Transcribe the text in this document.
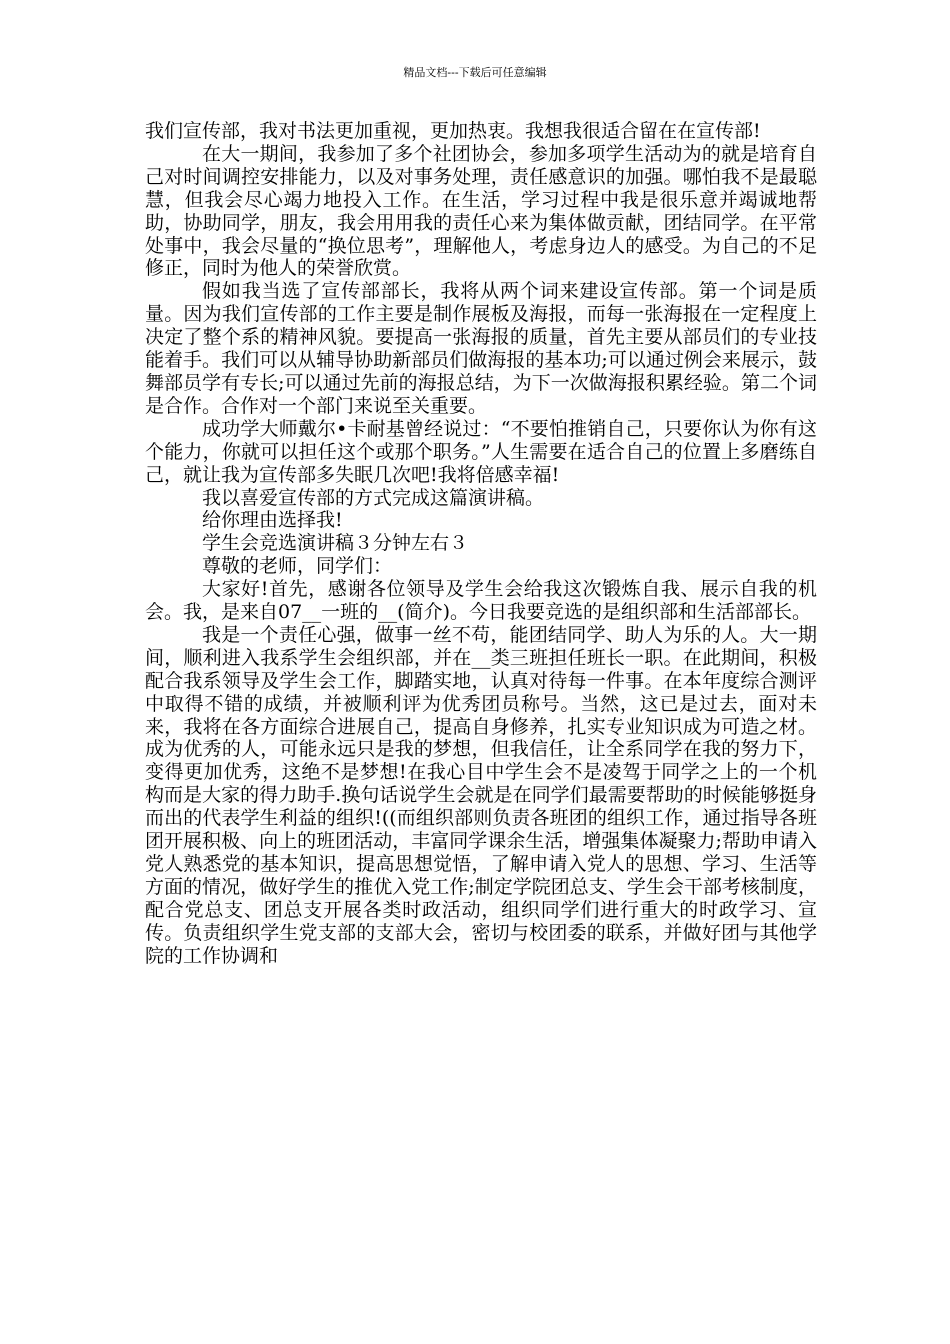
精品文档---下载后可任意编辑

我们宣传部，我对书法更加重视，更加热衷。我想我很适合留在在宣传部!

在大一期间，我参加了多个社团协会，参加多项学生活动为的就是培育自己对时间调控安排能力，以及对事务处理，责任感意识的加强。哪怕我不是最聪慧，但我会尽心竭力地投入工作。在生活，学习过程中我是很乐意并竭诚地帮助，协助同学，朋友，我会用用我的责任心来为集体做贡献，团结同学。在平常处事中，我会尽量的“换位思考”，理解他人，考虑身边人的感受。为自己的不足修正，同时为他人的荣誉欣赏。

假如我当选了宣传部部长，我将从两个词来建设宣传部。第一个词是质量。因为我们宣传部的工作主要是制作展板及海报，而每一张海报在一定程度上决定了整个系的精神风貌。要提高一张海报的质量，首先主要从部员们的专业技能着手。我们可以从辅导协助新部员们做海报的基本功;可以通过例会来展示，鼓舞部员学有专长;可以通过先前的海报总结，为下一次做海报积累经验。第二个词是合作。合作对一个部门来说至关重要。

成功学大师戴尔•卡耐基曾经说过：“不要怕推销自己，只要你认为你有这个能力，你就可以担任这个或那个职务。”人生需要在适合自己的位置上多磨练自己，就让我为宣传部多失眠几次吧!我将倍感幸福!

我以喜爱宣传部的方式完成这篇演讲稿。

给你理由选择我!

学生会竞选演讲稿３分钟左右３

尊敬的老师，同学们：

大家好!首先，感谢各位领导及学生会给我这次锻炼自我、展示自我的机会。我，是来自07__一班的__(简介)。今日我要竞选的是组织部和生活部部长。

我是一个责任心强，做事一丝不苟，能团结同学、助人为乐的人。大一期间，顺利进入我系学生会组织部，并在__类三班担任班长一职。在此期间，积极配合我系领导及学生会工作，脚踏实地，认真对待每一件事。在本年度综合测评中取得不错的成绩，并被顺利评为优秀团员称号。当然，这已是过去，面对未来，我将在各方面综合进展自己，提高自身修养，扎实专业知识成为可造之材。成为优秀的人，可能永远只是我的梦想，但我信任，让全系同学在我的努力下，变得更加优秀，这绝不是梦想!在我心目中学生会不是凌驾于同学之上的一个机构而是大家的得力助手.换句话说学生会就是在同学们最需要帮助的时候能够挺身而出的代表学生利益的组织!((而组织部则负责各班团的组织工作，通过指导各班团开展积极、向上的班团活动，丰富同学课余生活，增强集体凝聚力;帮助申请入党人熟悉党的基本知识，提高思想觉悟，了解申请入党人的思想、学习、生活等方面的情况，做好学生的推优入党工作;制定学院团总支、学生会干部考核制度，配合党总支、团总支开展各类时政活动，组织同学们进行重大的时政学习、宣传。负责组织学生党支部的支部大会，密切与校团委的联系，并做好团与其他学院的工作协调和
